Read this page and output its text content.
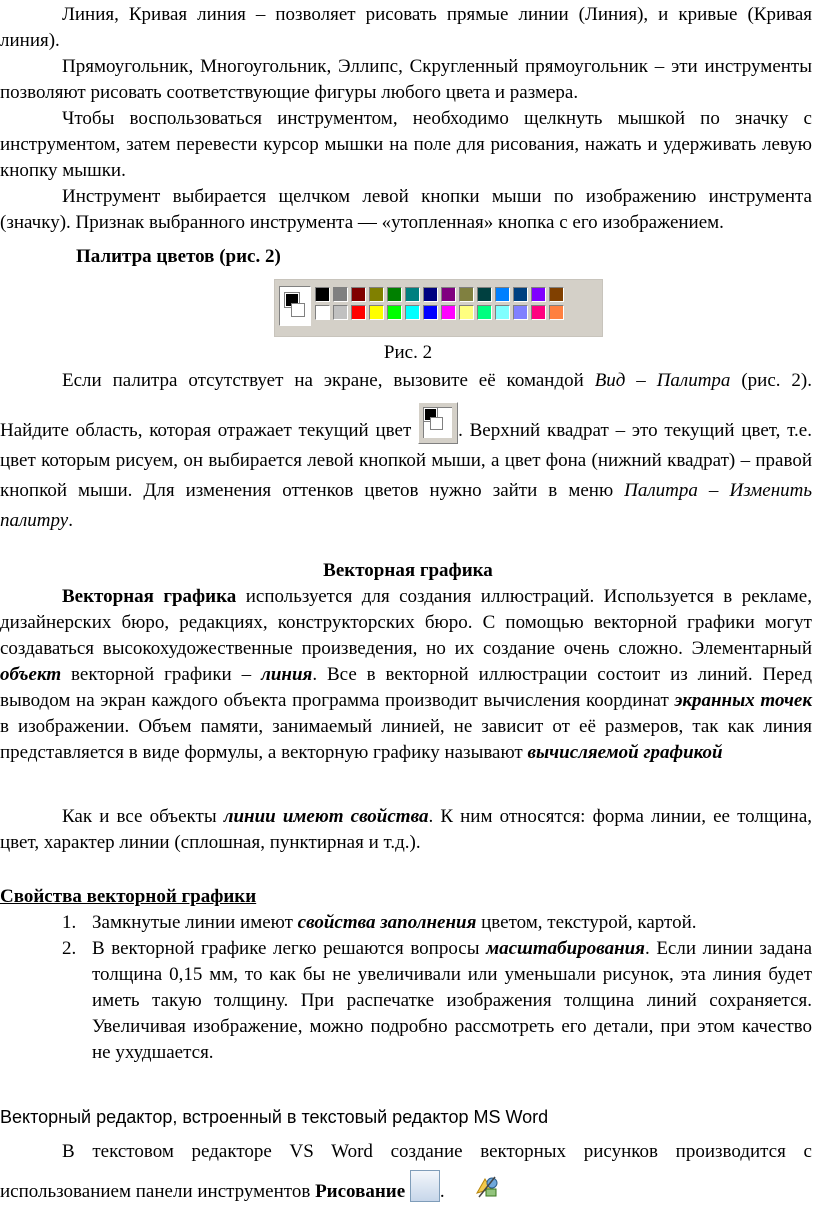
Линия, Кривая линия – позволяет рисовать прямые линии (Линия), и кривые (Кривая линия).

Прямоугольник, Многоугольник, Эллипс, Скругленный прямоугольник – эти инструменты позволяют рисовать соответствующие фигуры любого цвета и размера.

Чтобы воспользоваться инструментом, необходимо щелкнуть мышкой по значку с инструментом, затем перевести курсор мышки на поле для рисования, нажать и удерживать левую кнопку мышки.

Инструмент выбирается щелчком левой кнопки мыши по изображению инструмента (значку). Признак выбранного инструмента — «утопленная» кнопка с его изображением.

Палитра цветов (рис. 2)
Рис. 2

Если палитра отсутствует на экране, вызовите её командой Вид – Палитра (рис. 2).

Найдите область, которая отражает текущий цвет
. Верхний квадрат – это текущий цвет, т.е. цвет которым рисуем, он выбирается левой кнопкой мыши, а цвет фона (нижний квадрат) – правой кнопкой мыши. Для изменения оттенков цветов нужно зайти в меню Палитра – Изменить палитру.

Векторная графика

Векторная графика используется для создания иллюстраций. Используется в рекламе, дизайнерских бюро, редакциях, конструкторских бюро. С помощью векторной графики могут создаваться высокохудожественные произведения, но их создание очень сложно. Элементарный объект векторной графики – линия. Все в векторной иллюстрации состоит из линий. Перед выводом на экран каждого объекта программа производит вычисления координат экранных точек в изображении. Объем памяти, занимаемый линией, не зависит от её размеров, так как линия представляется в виде формулы, а векторную графику называют вычисляемой графикой

Как и все объекты линии имеют свойства. К ним относятся: форма линии, ее толщина, цвет, характер линии (сплошная, пунктирная и т.д.).

Свойства векторной графики
1. Замкнутые линии имеют свойства заполнения цветом, текстурой, картой.
2. В векторной графике легко решаются вопросы масштабирования. Если линии задана толщина 0,15 мм, то как бы не увеличивали или уменьшали рисунок, эта линия будет иметь такую толщину. При распечатке изображения толщина линий сохраняется. Увеличивая изображение, можно подробно рассмотреть его детали, при этом качество не ухудшается.
Векторный редактор, встроенный в текстовый редактор MS Word

В текстовом редакторе VS Word создание векторных рисунков производится с использованием панели инструментов Рисование .
